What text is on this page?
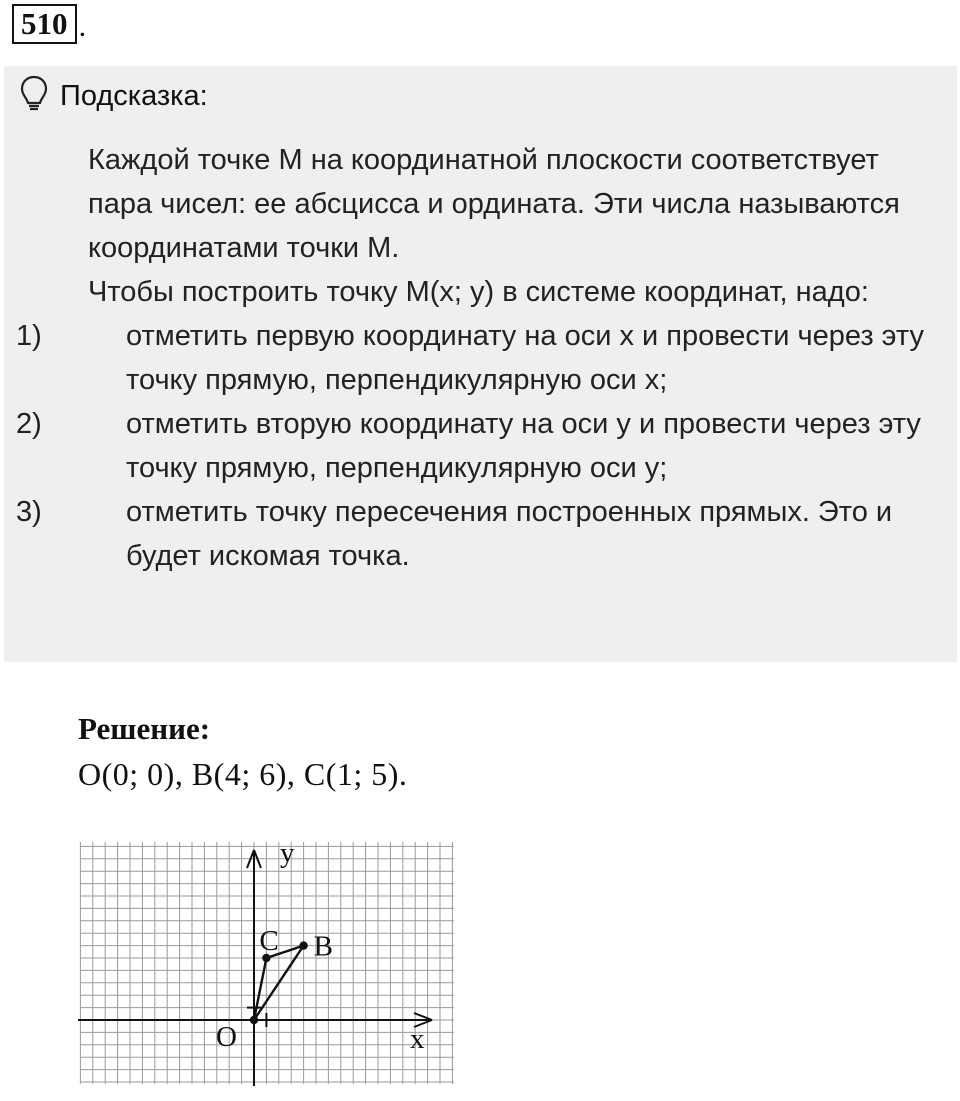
510 .
Подсказка:

Каждой точке М на координатной плоскости соответствует пара чисел: ее абсцисса и ордината. Эти числа называются координатами точки М.

Чтобы построить точку М(x; y) в системе координат, надо:

1)	отметить первую координату на оси x и провести через эту точку прямую, перпендикулярную оси x;
2)	отметить вторую координату на оси y и провести через эту точку прямую, перпендикулярную оси y;
3)	отметить точку пересечения построенных прямых. Это и будет искомая точка.
Решение:
O(0; 0), B(4; 6), C(1; 5).
y
x
O
C B
